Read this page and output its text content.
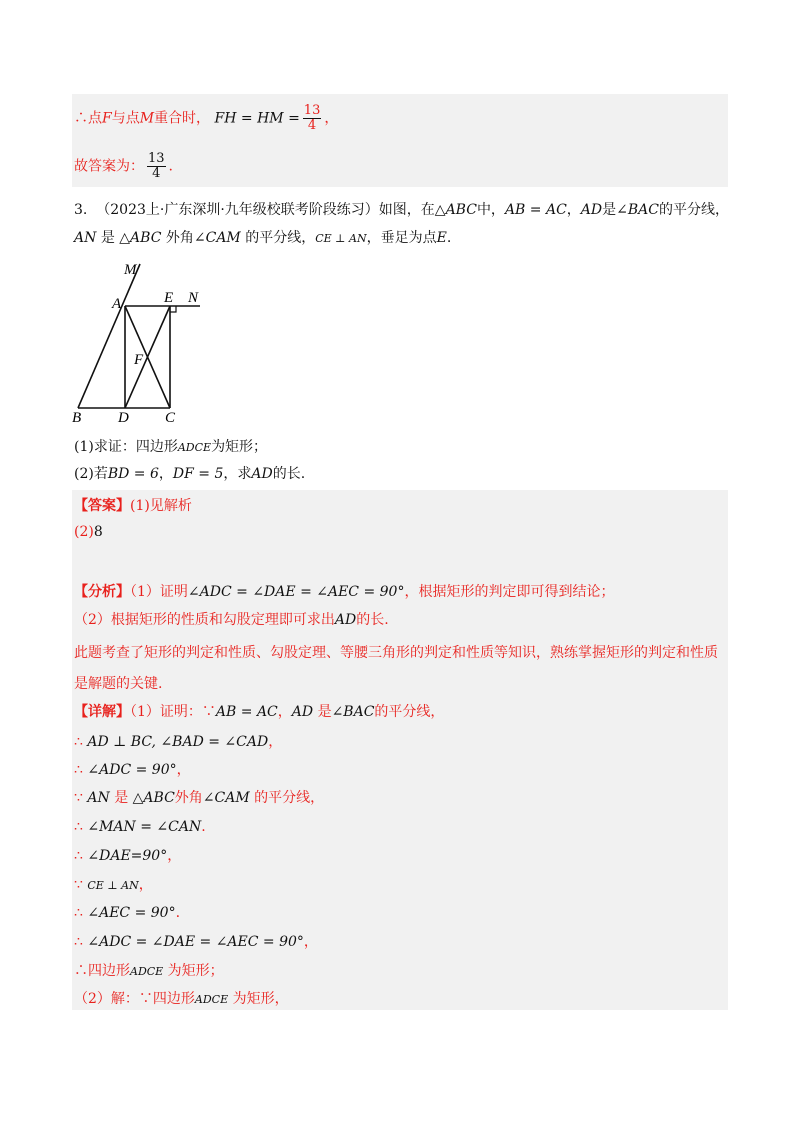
∴点F与点M重合时， FH = HM = $\frac{13}{4}$ ，
故答案为： $\frac{13}{4}$ .
3. （2023上·广东深圳·九年级校联考阶段练习）如图，在△ABC中，AB = AC，AD是∠BAC的平分线，
AN 是 △ABC 外角∠CAM 的平分线，CE ⊥ AN，垂足为点E.
M
A	E N
F
B D C
(1)求证：四边形ADCE为矩形；
(2)若BD = 6，DF = 5，求AD的长.
【答案】(1)见解析
(2)8
【分析】（1）证明∠ADC = ∠DAE = ∠AEC = 90°，根据矩形的判定即可得到结论；
（2）根据矩形的性质和勾股定理即可求出AD的长.
此题考查了矩形的判定和性质、勾股定理、等腰三角形的判定和性质等知识，熟练掌握矩形的判定和性质
是解题的关键.
【详解】（1）证明：∵AB = AC，AD 是∠BAC的平分线，
∴ AD ⊥ BC, ∠BAD = ∠CAD，
∴ ∠ADC = 90°，
∵ AN 是 △ABC外角∠CAM 的平分线，
∴ ∠MAN = ∠CAN.
∴ ∠DAE=90°，
∵ CE ⊥ AN，
∴ ∠AEC = 90°.
∴ ∠ADC = ∠DAE = ∠AEC = 90°，
∴四边形ADCE 为矩形；
（2）解：∵四边形ADCE 为矩形，
